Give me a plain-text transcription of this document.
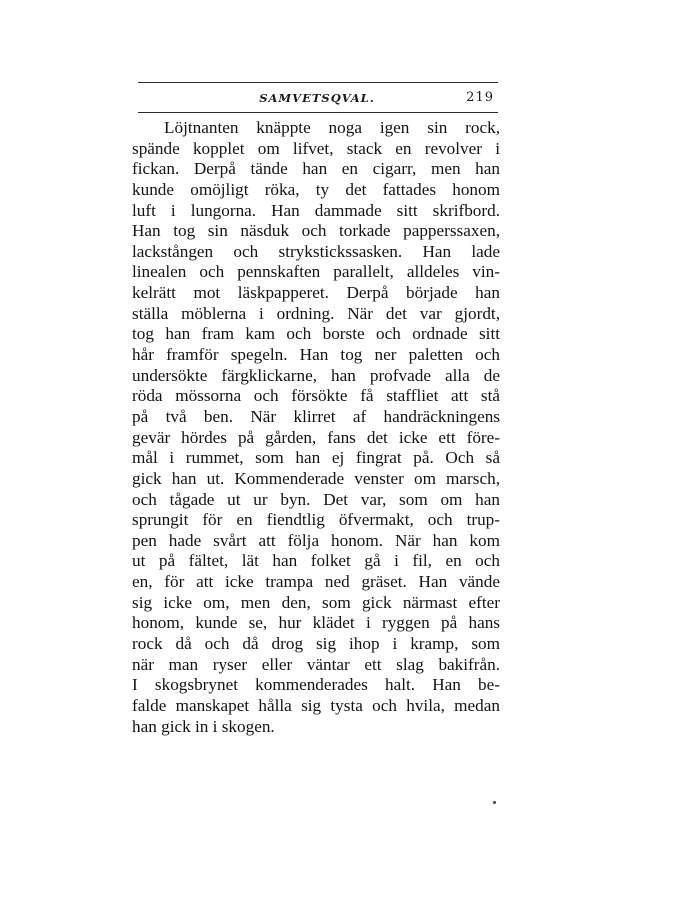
SAMVETSQVAL.	219

Löjtnanten knäppte noga igen sin rock,
spände kopplet om lifvet, stack en revolver i
fickan. Derpå tände han en cigarr, men han
kunde omöjligt röka, ty det fattades honom
luft i lungorna. Han dammade sitt skrifbord.
Han tog sin näsduk och torkade papperssaxen,
lackstången och strykstickssasken. Han lade
linealen och pennskaften parallelt, alldeles vin-
kelrätt mot läskpapperet. Derpå började han
ställa möblerna i ordning. När det var gjordt,
tog han fram kam och borste och ordnade sitt
hår framför spegeln. Han tog ner paletten och
undersökte färgklickarne, han profvade alla de
röda mössorna och försökte få staffliet att stå
på två ben. När klirret af handräckningens
gevär hördes på gården, fans det icke ett före-
mål i rummet, som han ej fingrat på. Och så
gick han ut. Kommenderade venster om marsch,
och tågade ut ur byn. Det var, som om han
sprungit för en fiendtlig öfvermakt, och trup-
pen hade svårt att följa honom. När han kom
ut på fältet, lät han folket gå i fil, en och
en, för att icke trampa ned gräset. Han vände
sig icke om, men den, som gick närmast efter
honom, kunde se, hur klädet i ryggen på hans
rock då och då drog sig ihop i kramp, som
när man ryser eller väntar ett slag bakifrån.
I skogsbrynet kommenderades halt. Han be-
falde manskapet hålla sig tysta och hvila, medan
han gick in i skogen.
